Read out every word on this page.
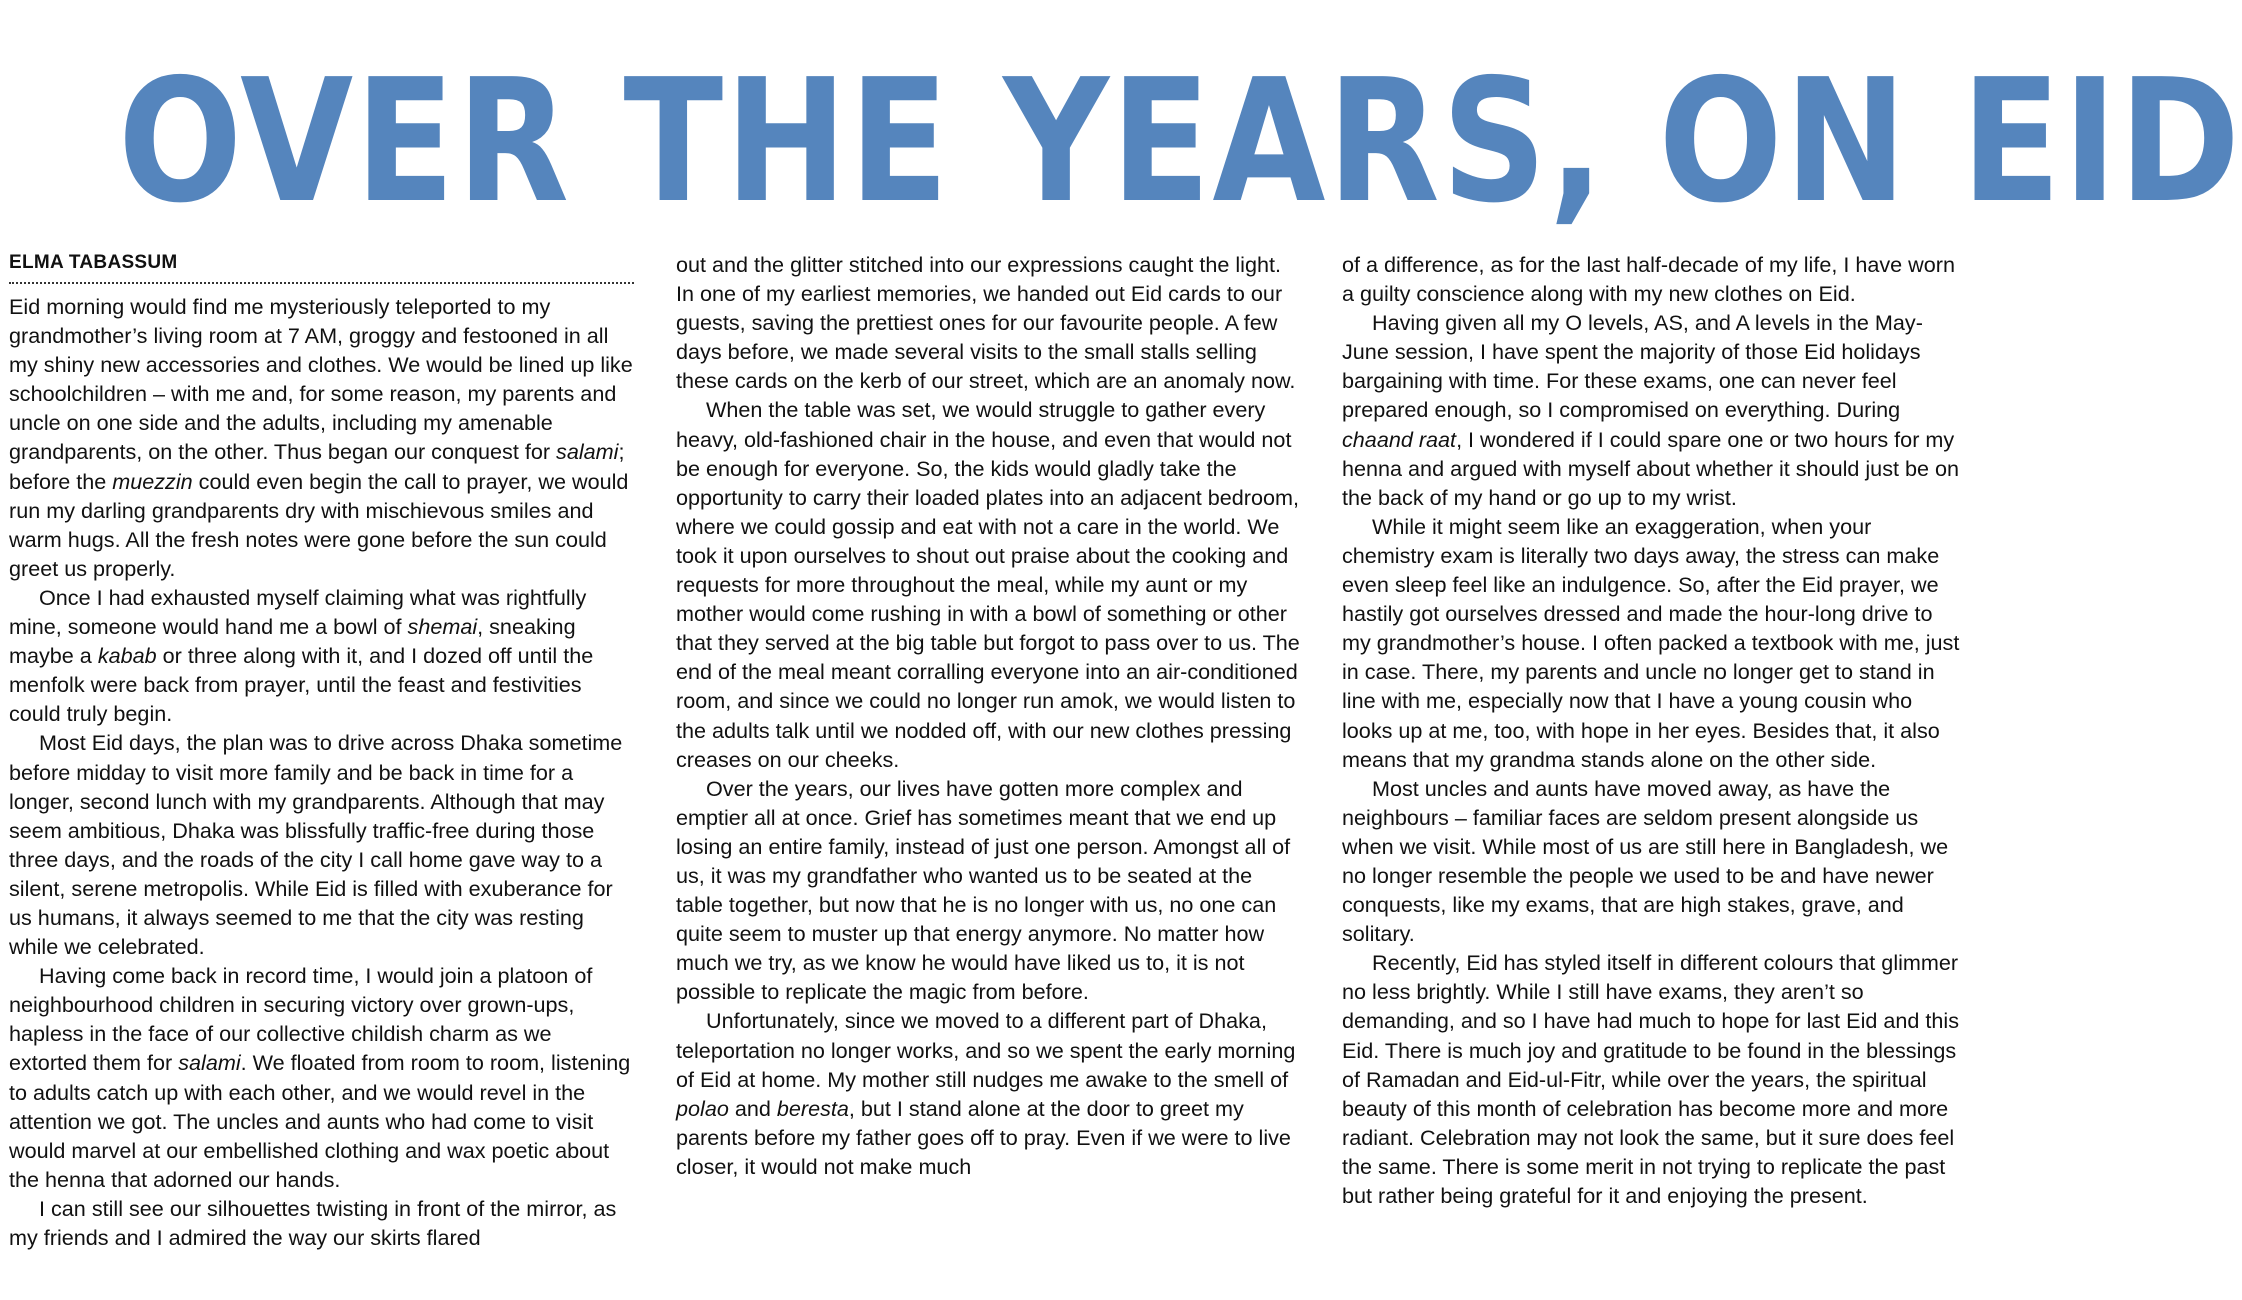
OVER THE YEARS, ON EID
ELMA TABASSUM

Eid morning would find me mysteriously teleported to my grandmother’s living room at 7 AM, groggy and festooned in all my shiny new accessories and clothes. We would be lined up like schoolchildren – with me and, for some reason, my parents and uncle on one side and the adults, including my amenable grandparents, on the other. Thus began our conquest for salami; before the muezzin could even begin the call to prayer, we would run my darling grandparents dry with mischievous smiles and warm hugs. All the fresh notes were gone before the sun could greet us properly.

Once I had exhausted myself claiming what was rightfully mine, someone would hand me a bowl of shemai, sneaking maybe a kabab or three along with it, and I dozed off until the menfolk were back from prayer, until the feast and festivities could truly begin.

Most Eid days, the plan was to drive across Dhaka sometime before midday to visit more family and be back in time for a longer, second lunch with my grandparents. Although that may seem ambitious, Dhaka was blissfully traffic-free during those three days, and the roads of the city I call home gave way to a silent, serene metropolis. While Eid is filled with exuberance for us humans, it always seemed to me that the city was resting while we celebrated.

Having come back in record time, I would join a platoon of neighbourhood children in securing victory over grown-ups, hapless in the face of our collective childish charm as we extorted them for salami. We floated from room to room, listening to adults catch up with each other, and we would revel in the attention we got. The uncles and aunts who had come to visit would marvel at our embellished clothing and wax poetic about the henna that adorned our hands.

I can still see our silhouettes twisting in front of the mirror, as my friends and I admired the way our skirts flared

out and the glitter stitched into our expressions caught the light. In one of my earliest memories, we handed out Eid cards to our guests, saving the prettiest ones for our favourite people. A few days before, we made several visits to the small stalls selling these cards on the kerb of our street, which are an anomaly now.

When the table was set, we would struggle to gather every heavy, old-fashioned chair in the house, and even that would not be enough for everyone. So, the kids would gladly take the opportunity to carry their loaded plates into an adjacent bedroom, where we could gossip and eat with not a care in the world. We took it upon ourselves to shout out praise about the cooking and requests for more throughout the meal, while my aunt or my mother would come rushing in with a bowl of something or other that they served at the big table but forgot to pass over to us. The end of the meal meant corralling everyone into an air-conditioned room, and since we could no longer run amok, we would listen to the adults talk until we nodded off, with our new clothes pressing creases on our cheeks.

Over the years, our lives have gotten more complex and emptier all at once. Grief has sometimes meant that we end up losing an entire family, instead of just one person. Amongst all of us, it was my grandfather who wanted us to be seated at the table together, but now that he is no longer with us, no one can quite seem to muster up that energy anymore. No matter how much we try, as we know he would have liked us to, it is not possible to replicate the magic from before.

Unfortunately, since we moved to a different part of Dhaka, teleportation no longer works, and so we spent the early morning of Eid at home. My mother still nudges me awake to the smell of polao and beresta, but I stand alone at the door to greet my parents before my father goes off to pray. Even if we were to live closer, it would not make much

of a difference, as for the last half-decade of my life, I have worn a guilty conscience along with my new clothes on Eid.

Having given all my O levels, AS, and A levels in the May-June session, I have spent the majority of those Eid holidays bargaining with time. For these exams, one can never feel prepared enough, so I compromised on everything. During chaand raat, I wondered if I could spare one or two hours for my henna and argued with myself about whether it should just be on the back of my hand or go up to my wrist.

While it might seem like an exaggeration, when your chemistry exam is literally two days away, the stress can make even sleep feel like an indulgence. So, after the Eid prayer, we hastily got ourselves dressed and made the hour-long drive to my grandmother’s house. I often packed a textbook with me, just in case. There, my parents and uncle no longer get to stand in line with me, especially now that I have a young cousin who looks up at me, too, with hope in her eyes. Besides that, it also means that my grandma stands alone on the other side.

Most uncles and aunts have moved away, as have the neighbours – familiar faces are seldom present alongside us when we visit. While most of us are still here in Bangladesh, we no longer resemble the people we used to be and have newer conquests, like my exams, that are high stakes, grave, and solitary.

Recently, Eid has styled itself in different colours that glimmer no less brightly. While I still have exams, they aren’t so demanding, and so I have had much to hope for last Eid and this Eid. There is much joy and gratitude to be found in the blessings of Ramadan and Eid-ul-Fitr, while over the years, the spiritual beauty of this month of celebration has become more and more radiant. Celebration may not look the same, but it sure does feel the same. There is some merit in not trying to replicate the past but rather being grateful for it and enjoying the present.
